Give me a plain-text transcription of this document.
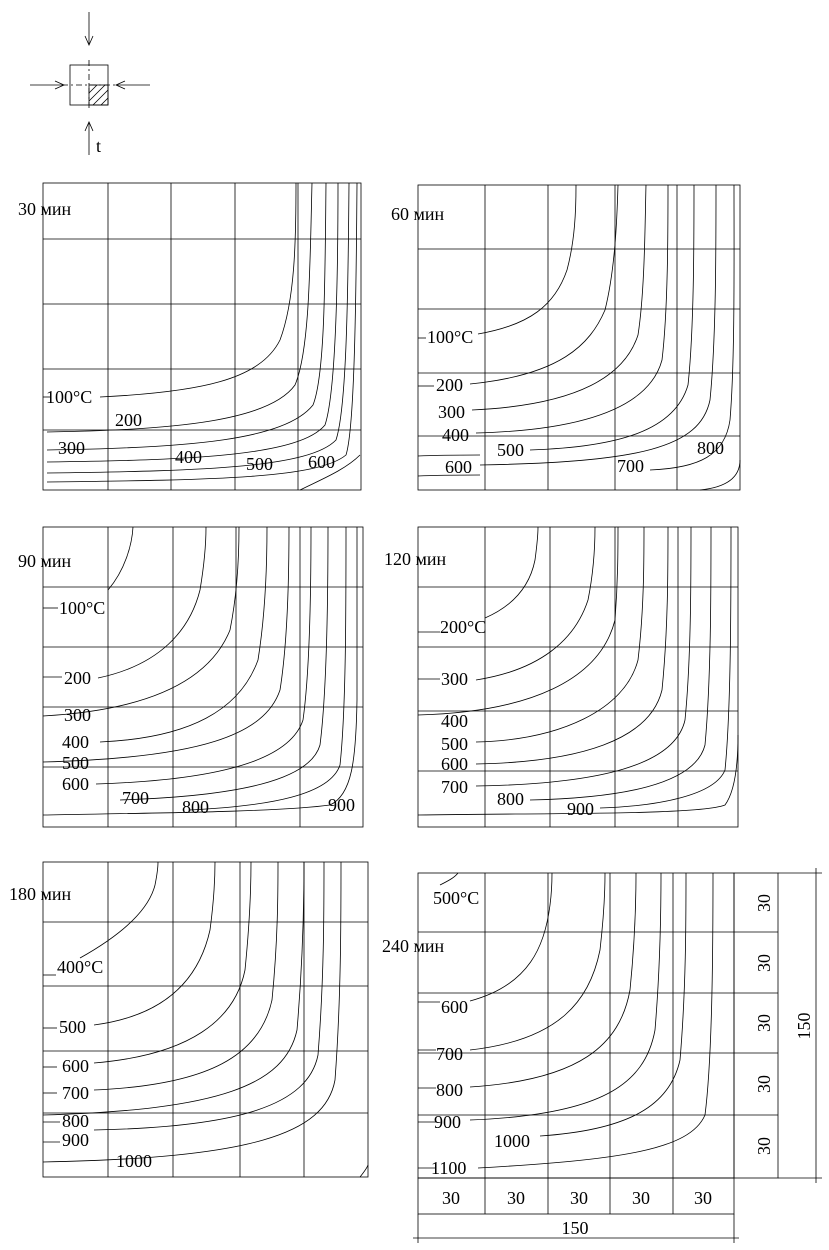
t
30 мин
100°C
200
300	400 500 600
60 мин
100°C
200
300
400
500
600	700
800
90 мин
100°C
200
300
400
500
600
700 800	900
120 мин
200°C
300
400
500
600
700
800 900
180 мин
400°C
500
600
700
800
900
1000
240 мин
500°C
600
700
800
900
1000
1100
30
30
30
30
30
150
30	30	30 30 30
150
